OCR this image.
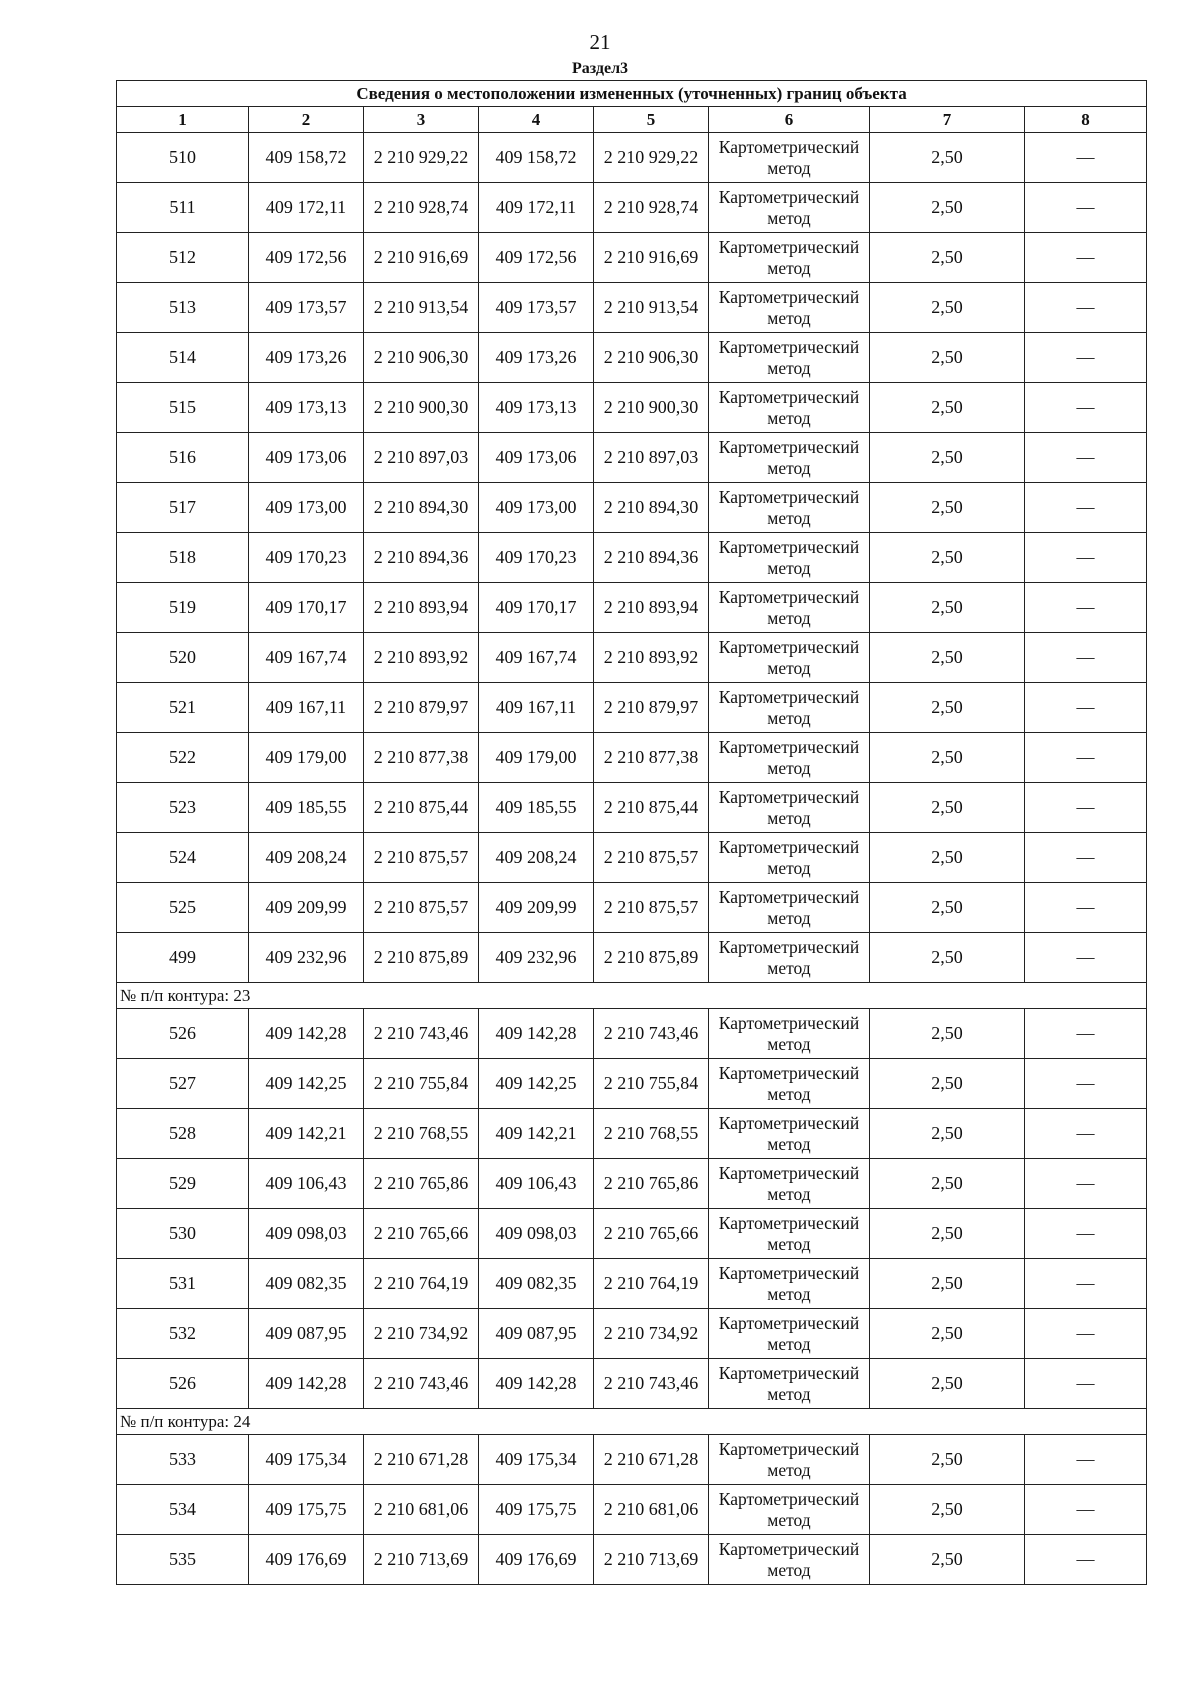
21
Раздел3
Сведения о местоположении измененных (уточненных) границ объекта							
1	2	3	4	5	6	7	8
510	409 158,72	2 210 929,22	409 158,72	2 210 929,22	Картометрический метод	2,50	—
511	409 172,11	2 210 928,74	409 172,11	2 210 928,74	Картометрический метод	2,50	—
512	409 172,56	2 210 916,69	409 172,56	2 210 916,69	Картометрический метод	2,50	—
513	409 173,57	2 210 913,54	409 173,57	2 210 913,54	Картометрический метод	2,50	—
514	409 173,26	2 210 906,30	409 173,26	2 210 906,30	Картометрический метод	2,50	—
515	409 173,13	2 210 900,30	409 173,13	2 210 900,30	Картометрический метод	2,50	—
516	409 173,06	2 210 897,03	409 173,06	2 210 897,03	Картометрический метод	2,50	—
517	409 173,00	2 210 894,30	409 173,00	2 210 894,30	Картометрический метод	2,50	—
518	409 170,23	2 210 894,36	409 170,23	2 210 894,36	Картометрический метод	2,50	—
519	409 170,17	2 210 893,94	409 170,17	2 210 893,94	Картометрический метод	2,50	—
520	409 167,74	2 210 893,92	409 167,74	2 210 893,92	Картометрический метод	2,50	—
521	409 167,11	2 210 879,97	409 167,11	2 210 879,97	Картометрический метод	2,50	—
522	409 179,00	2 210 877,38	409 179,00	2 210 877,38	Картометрический метод	2,50	—
523	409 185,55	2 210 875,44	409 185,55	2 210 875,44	Картометрический метод	2,50	—
524	409 208,24	2 210 875,57	409 208,24	2 210 875,57	Картометрический метод	2,50	—
525	409 209,99	2 210 875,57	409 209,99	2 210 875,57	Картометрический метод	2,50	—
499	409 232,96	2 210 875,89	409 232,96	2 210 875,89	Картометрический метод	2,50	—
№ п/п контура: 23							
526	409 142,28	2 210 743,46	409 142,28	2 210 743,46	Картометрический метод	2,50	—
527	409 142,25	2 210 755,84	409 142,25	2 210 755,84	Картометрический метод	2,50	—
528	409 142,21	2 210 768,55	409 142,21	2 210 768,55	Картометрический метод	2,50	—
529	409 106,43	2 210 765,86	409 106,43	2 210 765,86	Картометрический метод	2,50	—
530	409 098,03	2 210 765,66	409 098,03	2 210 765,66	Картометрический метод	2,50	—
531	409 082,35	2 210 764,19	409 082,35	2 210 764,19	Картометрический метод	2,50	—
532	409 087,95	2 210 734,92	409 087,95	2 210 734,92	Картометрический метод	2,50	—
526	409 142,28	2 210 743,46	409 142,28	2 210 743,46	Картометрический метод	2,50	—
№ п/п контура: 24							
533	409 175,34	2 210 671,28	409 175,34	2 210 671,28	Картометрический метод	2,50	—
534	409 175,75	2 210 681,06	409 175,75	2 210 681,06	Картометрический метод	2,50	—
535	409 176,69	2 210 713,69	409 176,69	2 210 713,69	Картометрический метод	2,50	—
